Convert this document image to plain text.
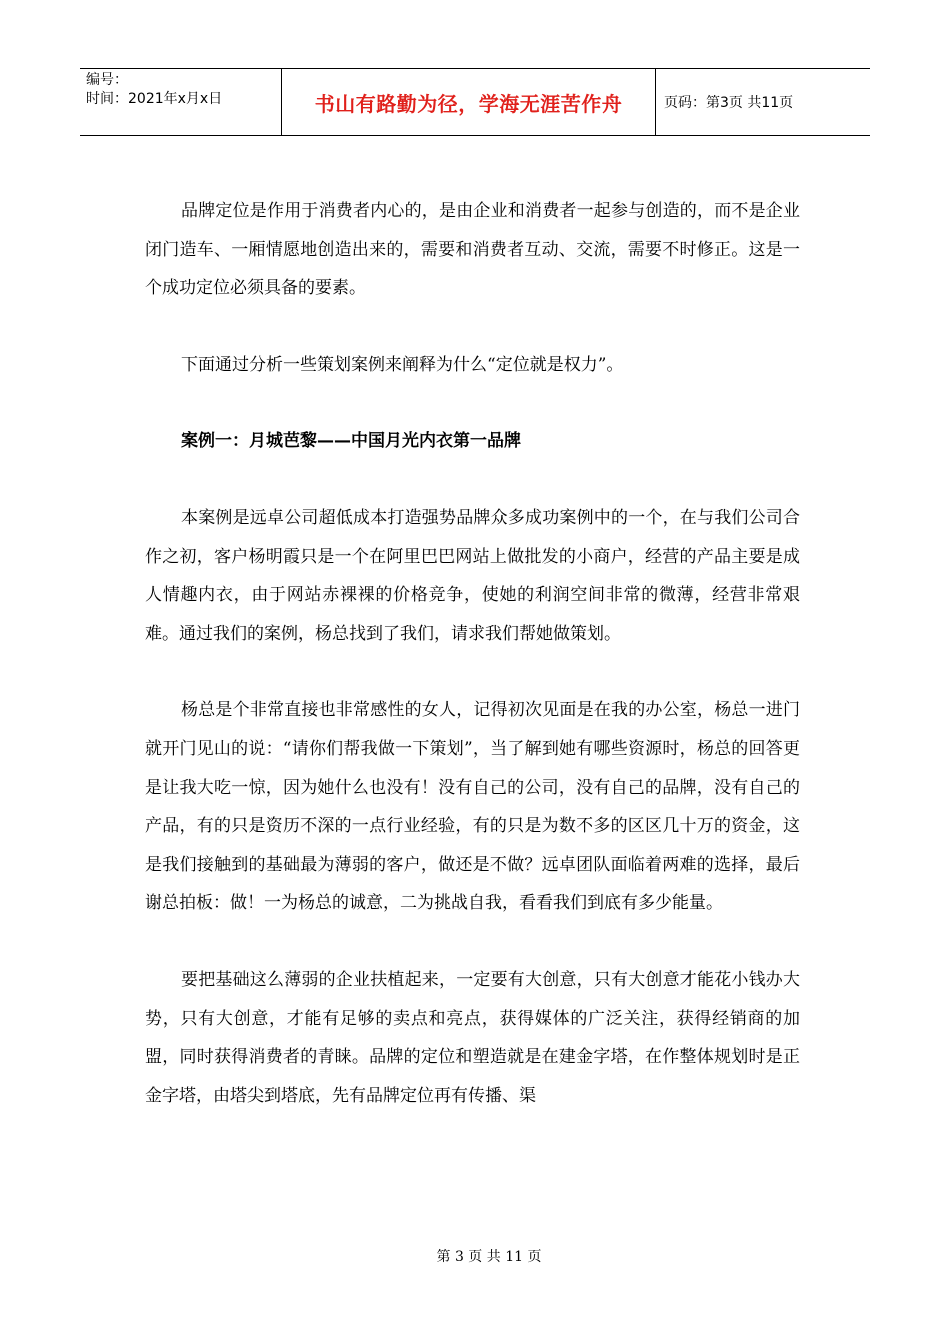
编号：
时间：2021年x月x日	书山有路勤为径，学海无涯苦作舟	页码：第3页 共11页

品牌定位是作用于消费者内心的，是由企业和消费者一起参与创造的，而不是企业闭门造车、一厢情愿地创造出来的，需要和消费者互动、交流，需要不时修正。这是一个成功定位必须具备的要素。

下面通过分析一些策划案例来阐释为什么“定位就是权力”。

案例一：月城芭黎——中国月光内衣第一品牌

本案例是远卓公司超低成本打造强势品牌众多成功案例中的一个，在与我们公司合作之初，客户杨明霞只是一个在阿里巴巴网站上做批发的小商户，经营的产品主要是成人情趣内衣，由于网站赤裸裸的价格竞争，使她的利润空间非常的微薄，经营非常艰难。通过我们的案例，杨总找到了我们，请求我们帮她做策划。

杨总是个非常直接也非常感性的女人，记得初次见面是在我的办公室，杨总一进门就开门见山的说：“请你们帮我做一下策划”，当了解到她有哪些资源时，杨总的回答更是让我大吃一惊，因为她什么也没有！没有自己的公司，没有自己的品牌，没有自己的产品，有的只是资历不深的一点行业经验，有的只是为数不多的区区几十万的资金，这是我们接触到的基础最为薄弱的客户，做还是不做？远卓团队面临着两难的选择，最后谢总拍板：做！一为杨总的诚意，二为挑战自我，看看我们到底有多少能量。

要把基础这么薄弱的企业扶植起来，一定要有大创意，只有大创意才能花小钱办大势，只有大创意，才能有足够的卖点和亮点，获得媒体的广泛关注，获得经销商的加盟，同时获得消费者的青睐。品牌的定位和塑造就是在建金字塔，在作整体规划时是正金字塔，由塔尖到塔底，先有品牌定位再有传播、渠

第 3 页 共 11 页
